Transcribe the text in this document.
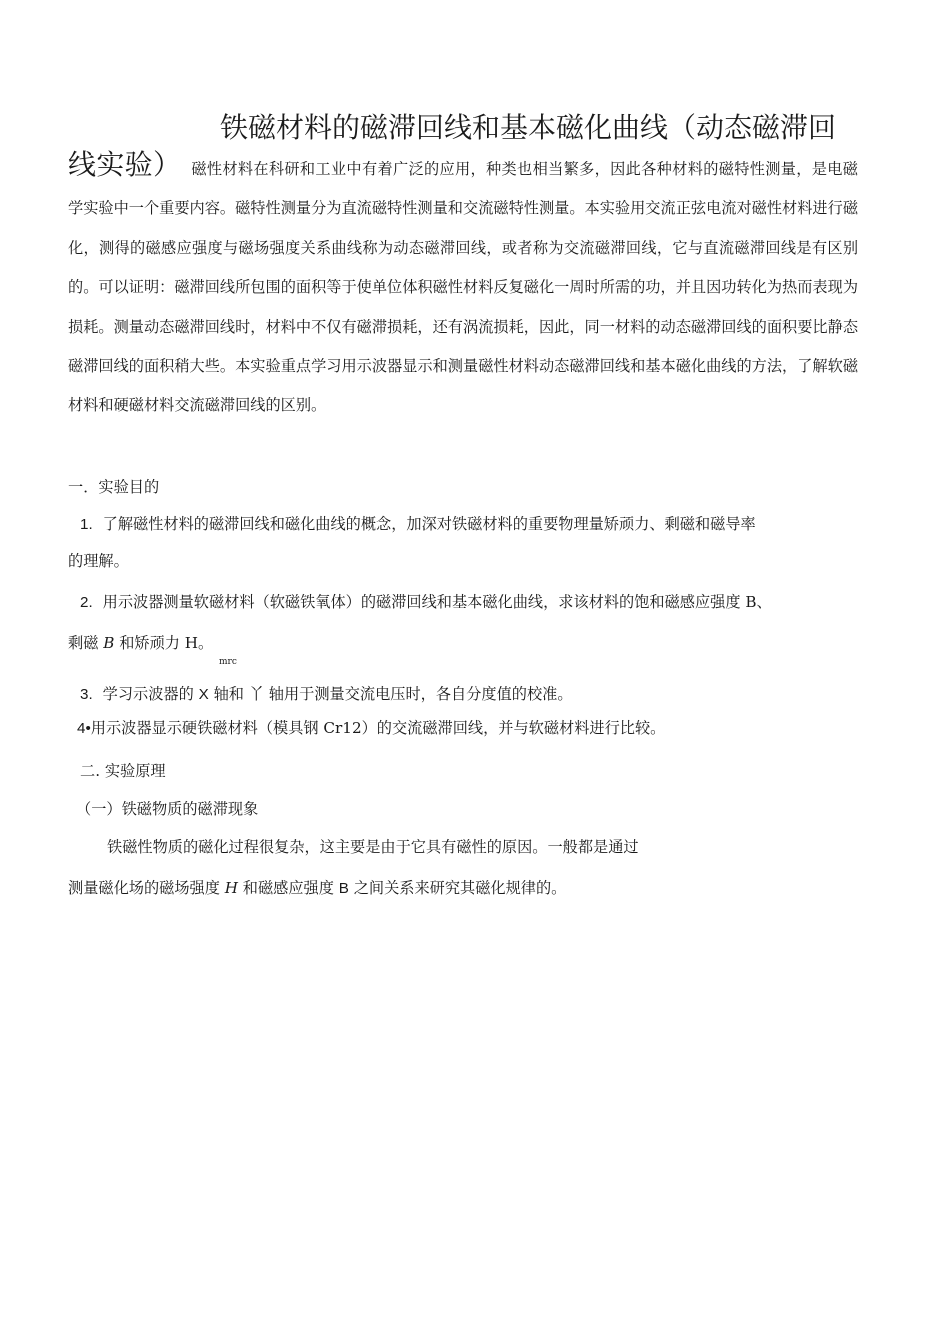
铁磁材料的磁滞回线和基本磁化曲线（动态磁滞回
线实验） 磁性材料在科研和工业中有着广泛的应用，种类也相当繁多，因此各种材料的磁特性测量，是电磁学实验中一个重要内容。磁特性测量分为直流磁特性测量和交流磁特性测量。本实验用交流正弦电流对磁性材料进行磁化，测得的磁感应强度与磁场强度关系曲线称为动态磁滞回线，或者称为交流磁滞回线，它与直流磁滞回线是有区别的。可以证明：磁滞回线所包围的面积等于使单位体积磁性材料反复磁化一周时所需的功，并且因功转化为热而表现为损耗。测量动态磁滞回线时，材料中不仅有磁滞损耗，还有涡流损耗，因此，同一材料的动态磁滞回线的面积要比静态磁滞回线的面积稍大些。本实验重点学习用示波器显示和测量磁性材料动态磁滞回线和基本磁化曲线的方法，了解软磁材料和硬磁材料交流磁滞回线的区别。
一．实验目的
1. 了解磁性材料的磁滞回线和磁化曲线的概念，加深对铁磁材料的重要物理量矫顽力、剩磁和磁导率
的理解。
2. 用示波器测量软磁材料（软磁铁氧体）的磁滞回线和基本磁化曲线，求该材料的饱和磁感应强度 B、
剩磁 B 和矫顽力 H。
mrc
3. 学习示波器的 X 轴和 丫 轴用于测量交流电压时，各自分度值的校准。
4•用示波器显示硬铁磁材料（模具钢 Cr12）的交流磁滞回线，并与软磁材料进行比较。
二. 实验原理
（一）铁磁物质的磁滞现象
铁磁性物质的磁化过程很复杂，这主要是由于它具有磁性的原因。一般都是通过
测量磁化场的磁场强度 H 和磁感应强度 B 之间关系来研究其磁化规律的。
